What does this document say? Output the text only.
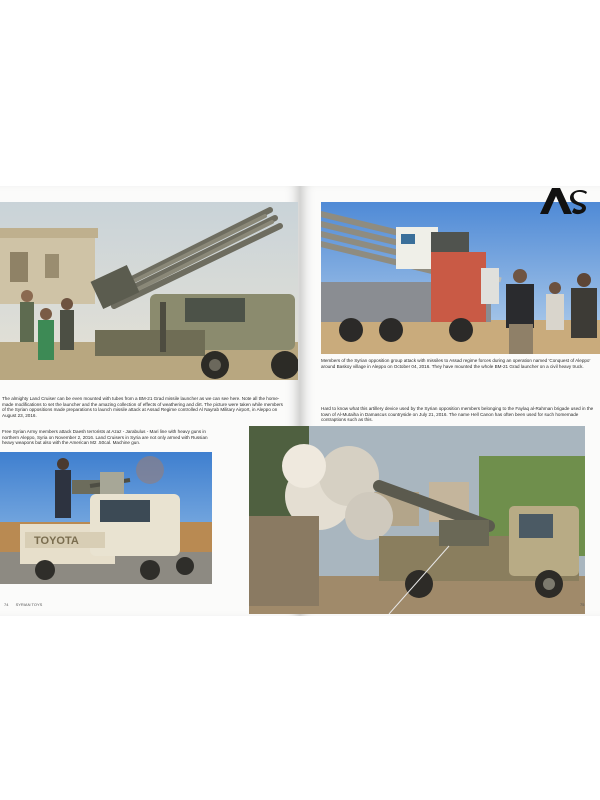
The almighty Land Cruiser can be even mounted with tubes from a BM-21 Grad missile launcher as we can see here. Note all the home-made modifications to set the launcher and the amazing collection of effects of weathering and dirt. The picture were taken while members of the Syrian oppositions made preparations to launch missile attack at Assad Regime controlled Al Nayrab Military Airport, in Aleppo on August 23, 2016.
Free Syrian Army members attack Daesh terrorists at Azaz - Jarabulus - Mari line with heavy guns in northern Aleppo, Syria on November 2, 2016. Land Cruisers in Syria are not only armed with Russian heavy weapons but also with the American M2 .50cal. Machine gun.
TOYOTA
74 SYRIAN TOYS
Members of the Syrian opposition group attack with missiles to Assad regime forces during an operation named 'Conquest of Aleppo' around Baskoy village in Aleppo on October 04, 2016. They have mounted the whole BM-21 Grad launcher on a civil heavy truck.
Hard to know what this artillery device used by the Syrian opposition members belonging to the Faylaq al-Rahman brigade used in the town of Al-Mutaiha in Damascus countryside on July 21, 2016. The name Hell Canon has often been used for such homemade contraptions such as this.
75
